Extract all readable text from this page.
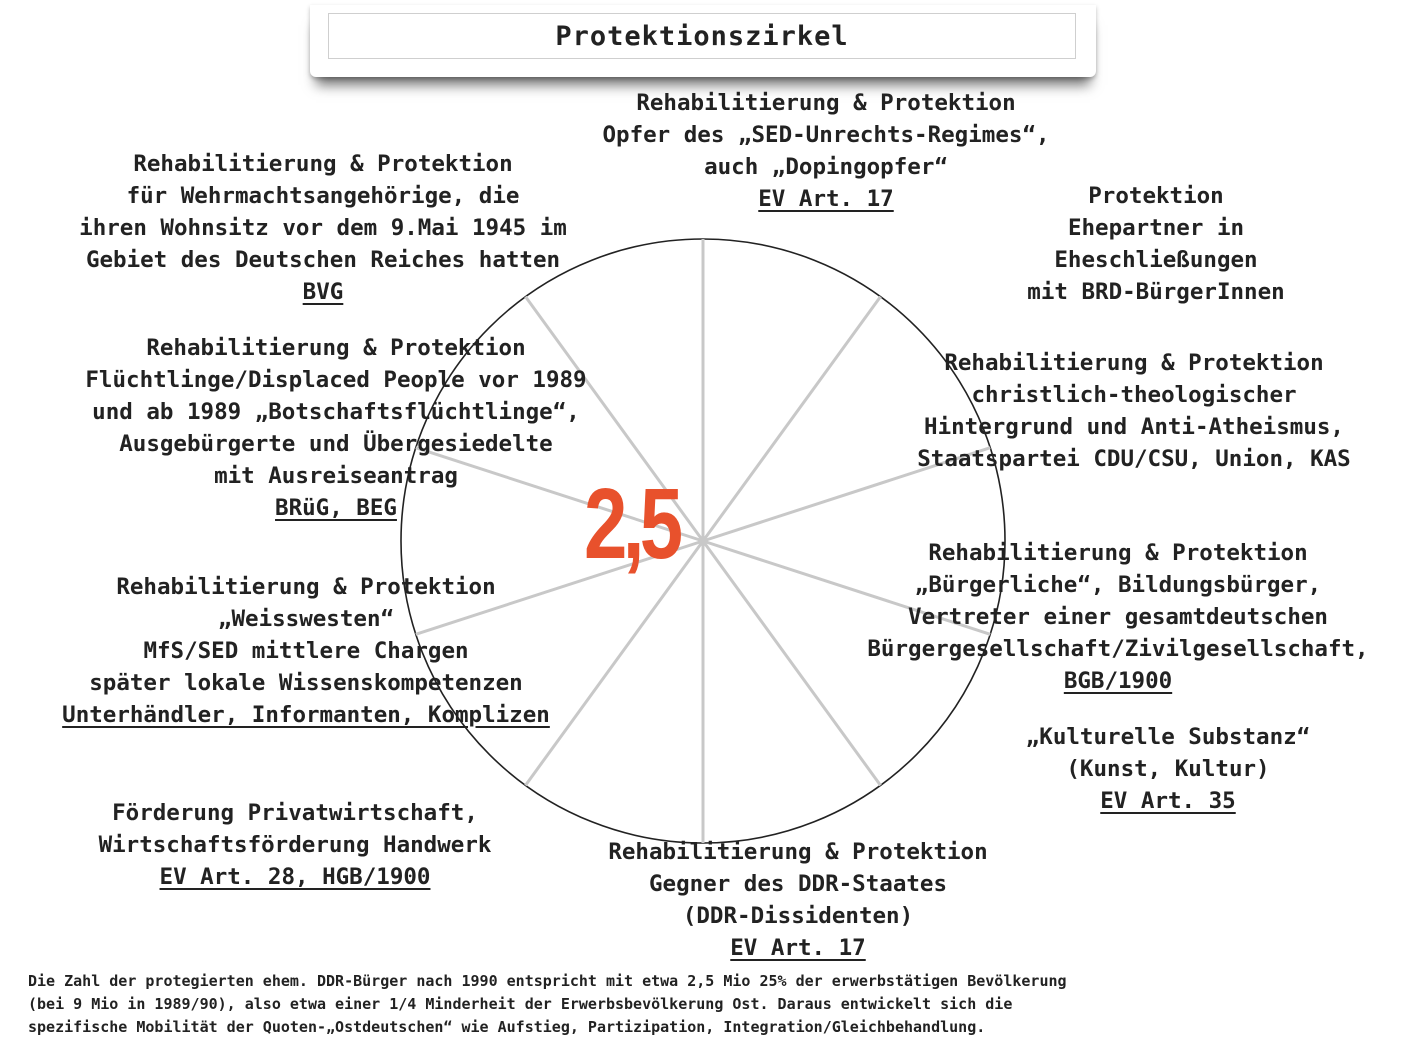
Protektionszirkel
2,5
Rehabilitierung & Protektion
Opfer des „SED-Unrechts-Regimes“,
auch „Dopingopfer“
EV Art. 17	Protektion
Ehepartner in
Eheschließungen
mit BRD-BürgerInnen
Rehabilitierung & Protektion
christlich-theologischer
Hintergrund und Anti-Atheismus,
Staatspartei CDU/CSU, Union, KAS
Rehabilitierung & Protektion
„Bürgerliche“, Bildungsbürger,
Vertreter einer gesamtdeutschen
Bürgergesellschaft/Zivilgesellschaft,
BGB/1900
„Kulturelle Substanz“
(Kunst, Kultur)
EV Art. 35
Rehabilitierung & Protektion
Gegner des DDR-Staates
(DDR-Dissidenten)
EV Art. 17
Förderung Privatwirtschaft,
Wirtschaftsförderung Handwerk
EV Art. 28, HGB/1900
Rehabilitierung & Protektion
„Weisswesten“
MfS/SED mittlere Chargen
später lokale Wissenskompetenzen
Unterhändler, Informanten, Komplizen
Rehabilitierung & Protektion
Flüchtlinge/Displaced People vor 1989
und ab 1989 „Botschaftsflüchtlinge“,
Ausgebürgerte und Übergesiedelte
mit Ausreiseantrag
BRüG, BEG
Rehabilitierung & Protektion
für Wehrmachtsangehörige, die
ihren Wohnsitz vor dem 9.Mai 1945 im
Gebiet des Deutschen Reiches hatten
BVG
Die Zahl der protegierten ehem. DDR-Bürger nach 1990 entspricht mit etwa 2,5 Mio 25% der erwerbstätigen Bevölkerung
(bei 9 Mio in 1989/90), also etwa einer 1/4 Minderheit der Erwerbsbevölkerung Ost. Daraus entwickelt sich die
spezifische Mobilität der Quoten-„Ostdeutschen“ wie Aufstieg, Partizipation, Integration/Gleichbehandlung.
